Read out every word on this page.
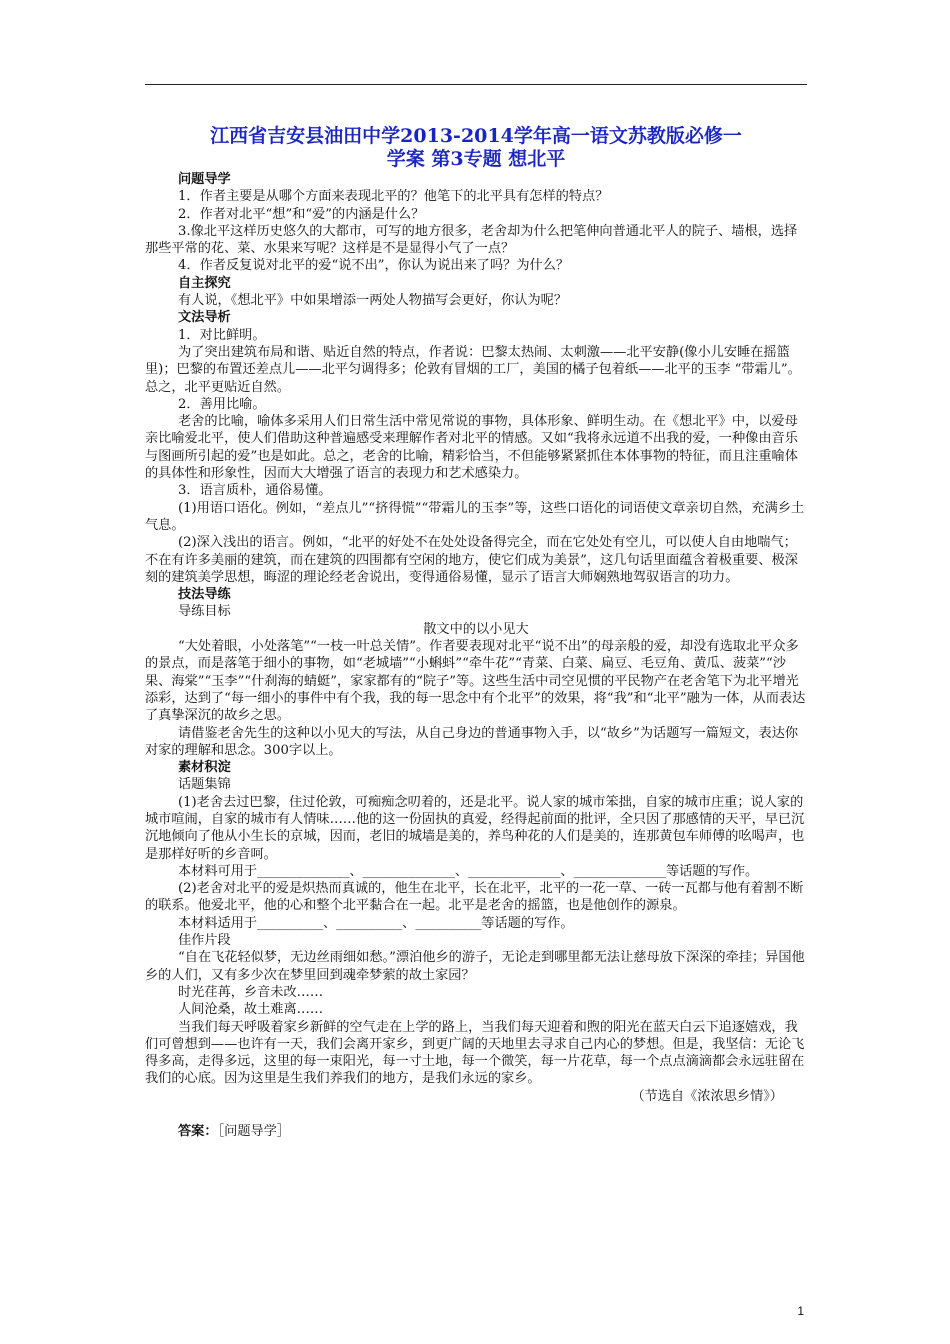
江西省吉安县油田中学2013-2014学年高一语文苏教版必修一
学案 第3专题 想北平

问题导学

1．作者主要是从哪个方面来表现北平的？他笔下的北平具有怎样的特点？

2．作者对北平“想”和“爱”的内涵是什么？

3.像北平这样历史悠久的大都市，可写的地方很多，老舍却为什么把笔伸向普通北平人的院子、墙根，选择那些平常的花、菜、水果来写呢？这样是不是显得小气了一点？

4．作者反复说对北平的爱“说不出”，你认为说出来了吗？为什么？

自主探究

有人说，《想北平》中如果增添一两处人物描写会更好，你认为呢？

文法导析

1．对比鲜明。

为了突出建筑布局和谐、贴近自然的特点，作者说：巴黎太热闹、太刺激——北平安静(像小儿安睡在摇篮里)；巴黎的布置还差点儿——北平匀调得多；伦敦有冒烟的工厂，美国的橘子包着纸——北平的玉李 “带霜儿”。总之，北平更贴近自然。

2．善用比喻。

老舍的比喻，喻体多采用人们日常生活中常见常说的事物，具体形象、鲜明生动。在《想北平》中，以爱母亲比喻爱北平，使人们借助这种普遍感受来理解作者对北平的情感。又如“我将永远道不出我的爱，一种像由音乐与图画所引起的爱”也是如此。总之，老舍的比喻，精彩恰当，不但能够紧紧抓住本体事物的特征，而且注重喻体的具体性和形象性，因而大大增强了语言的表现力和艺术感染力。

3．语言质朴，通俗易懂。

(1)用语口语化。例如，“差点儿”“挤得慌”“带霜儿的玉李”等，这些口语化的词语使文章亲切自然，充满乡土气息。

(2)深入浅出的语言。例如，“北平的好处不在处处设备得完全，而在它处处有空儿，可以使人自由地喘气；不在有许多美丽的建筑，而在建筑的四围都有空闲的地方，使它们成为美景”，这几句话里面蕴含着极重要、极深刻的建筑美学思想，晦涩的理论经老舍说出，变得通俗易懂，显示了语言大师娴熟地驾驭语言的功力。

技法导练

导练目标

散文中的以小见大

“大处着眼，小处落笔”“一枝一叶总关情”。作者要表现对北平“说不出”的母亲般的爱，却没有选取北平众多的景点，而是落笔于细小的事物，如“老城墙”“小蝌蚪”“牵牛花”“青菜、白菜、扁豆、毛豆角、黄瓜、菠菜”“沙果、海棠”“玉李”“什刹海的蜻蜓”，家家都有的“院子”等。这些生活中司空见惯的平民物产在老舍笔下为北平增光添彩，达到了“每一细小的事件中有个我，我的每一思念中有个北平”的效果，将“我”和“北平”融为一体，从而表达了真挚深沉的故乡之思。

请借鉴老舍先生的这种以小见大的写法，从自己身边的普通事物入手，以“故乡”为话题写一篇短文，表达你对家的理解和思念。300字以上。

素材积淀

话题集锦

(1)老舍去过巴黎，住过伦敦，可痴痴念叨着的，还是北平。说人家的城市笨拙，自家的城市庄重；说人家的城市喧闹，自家的城市有人情味……他的这一份固执的真爱，经得起前面的批评，全只因了那感情的天平，早已沉沉地倾向了他从小生长的京城，因而，老旧的城墙是美的，养鸟种花的人们是美的，连那黄包车师傅的吆喝声，也是那样好听的乡音呵。

本材料可用于______________、______________、______________、______________等话题的写作。

(2)老舍对北平的爱是炽热而真诚的，他生在北平，长在北平，北平的一花一草、一砖一瓦都与他有着割不断的联系。他爱北平，他的心和整个北平黏合在一起。北平是老舍的摇篮，也是他创作的源泉。

本材料适用于__________、__________、__________等话题的写作。

佳作片段

“自在飞花轻似梦，无边丝雨细如愁。”漂泊他乡的游子，无论走到哪里都无法让慈母放下深深的牵挂；异国他乡的人们，又有多少次在梦里回到魂牵梦萦的故土家园？

时光荏苒，乡音未改……

人间沧桑，故土难离……

当我们每天呼吸着家乡新鲜的空气走在上学的路上，当我们每天迎着和煦的阳光在蓝天白云下追逐嬉戏，我们可曾想到——也许有一天，我们会离开家乡，到更广阔的天地里去寻求自己内心的梦想。但是，我坚信：无论飞得多高，走得多远，这里的每一束阳光，每一寸土地，每一个微笑，每一片花草，每一个点点滴滴都会永远驻留在我们的心底。因为这里是生我们养我们的地方，是我们永远的家乡。

（节选自《浓浓思乡情》）

答案：［问题导学］

1
